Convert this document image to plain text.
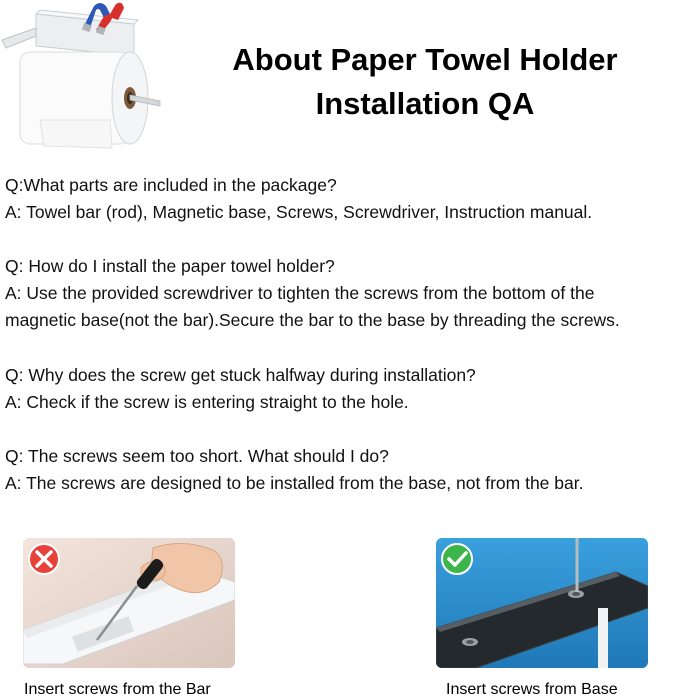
About Paper Towel Holder
Installation QA
Q:What parts are included in the package?
A: Towel bar (rod), Magnetic base, Screws, Screwdriver, Instruction manual.
Q: How do I install the paper towel holder?
A: Use the provided screwdriver to tighten the screws from the bottom of the
magnetic base(not the bar).Secure the bar to the base by threading the screws.
Q: Why does the screw get stuck halfway during installation?
A: Check if the screw is entering straight to the hole.
Q: The screws seem too short. What should I do?
A: The screws are designed to be installed from the base, not from the bar.
Insert screws from the Bar	Insert screws from Base
